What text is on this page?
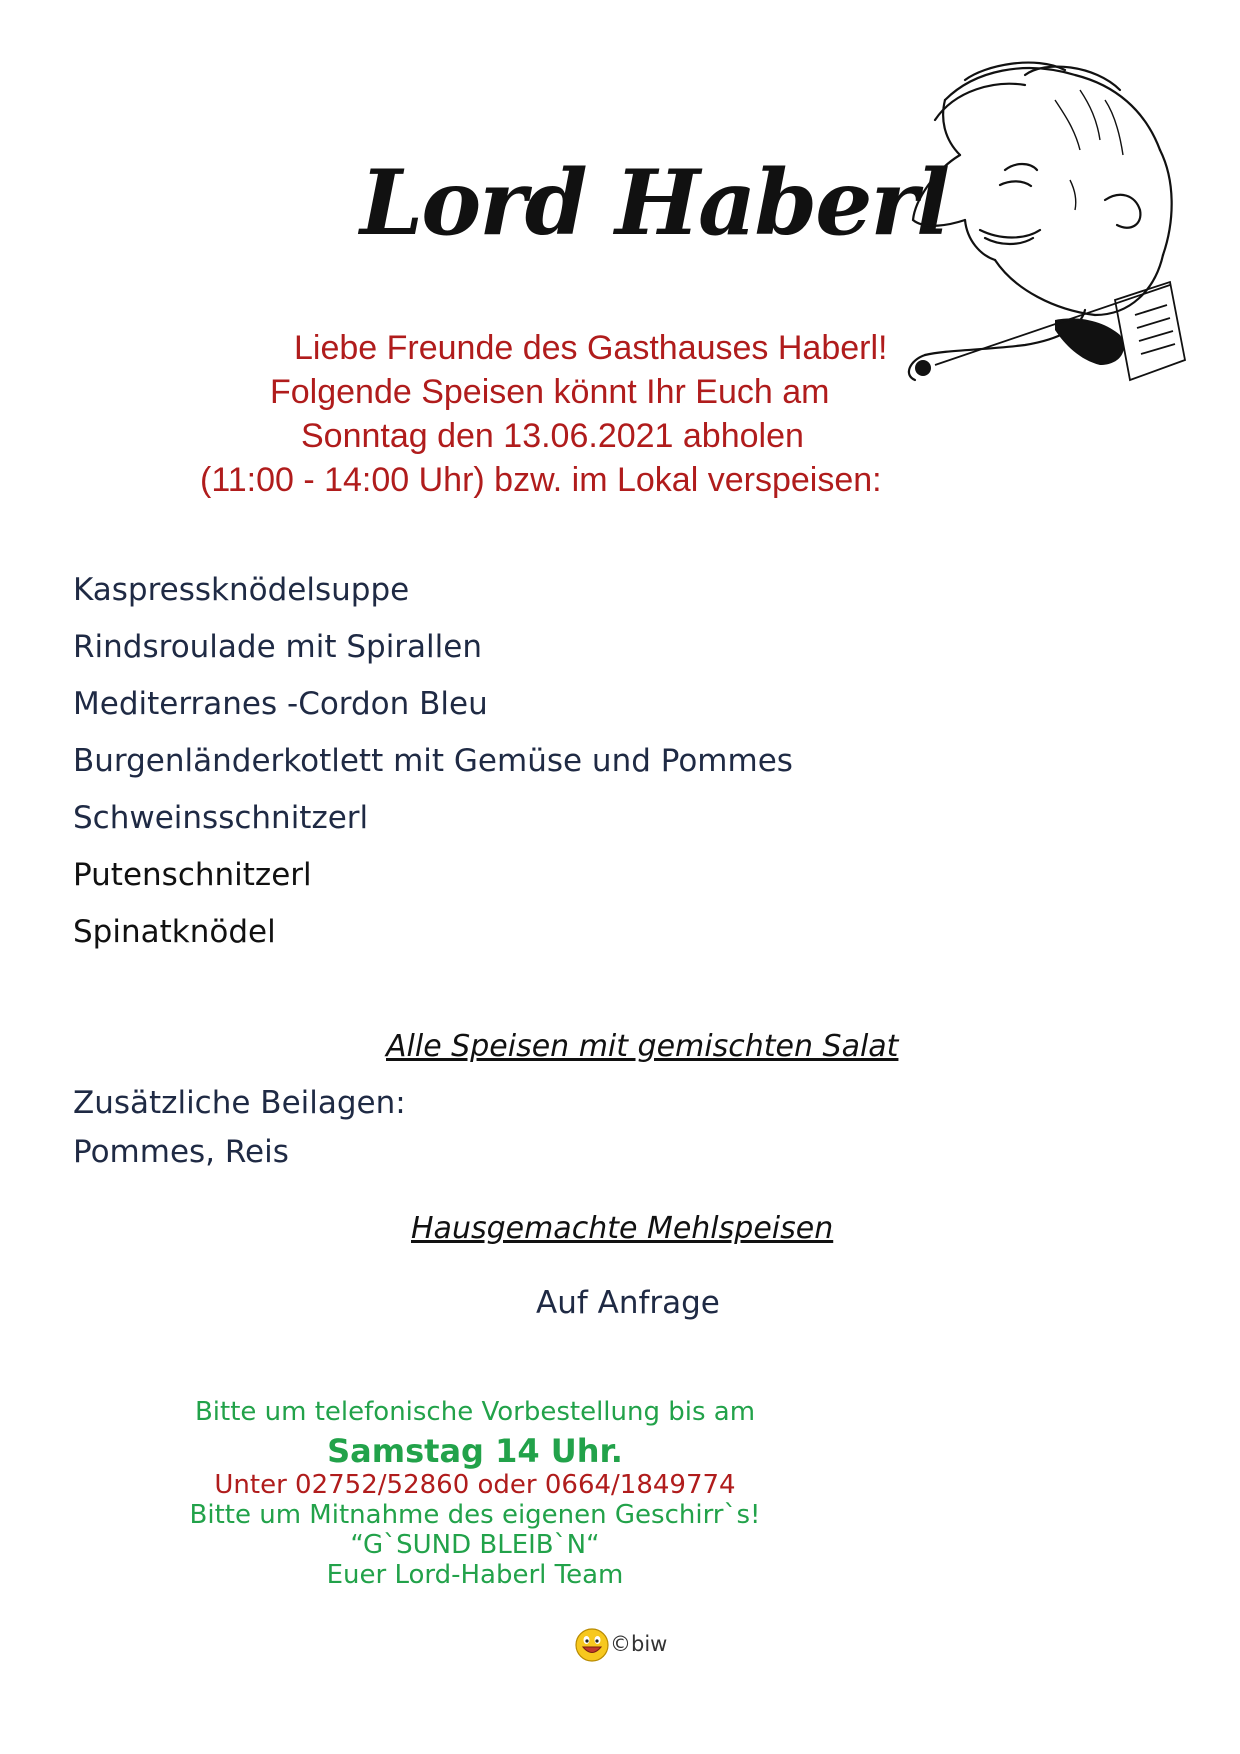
Lord Haberl
Liebe Freunde des Gasthauses Haberl!
Folgende Speisen könnt Ihr Euch am
Sonntag den 13.06.2021 abholen
(11:00 - 14:00 Uhr) bzw. im Lokal verspeisen:
Kaspressknödelsuppe
Rindsroulade mit Spirallen
Mediterranes -Cordon Bleu
Burgenländerkotlett mit Gemüse und Pommes
Schweinsschnitzerl
Putenschnitzerl
Spinatknödel
Alle Speisen mit gemischten Salat
Zusätzliche Beilagen:
Pommes, Reis
Hausgemachte Mehlspeisen
Auf Anfrage
Bitte um telefonische Vorbestellung bis am
Samstag 14 Uhr.
Unter 02752/52860 oder 0664/1849774
Bitte um Mitnahme des eigenen Geschirr`s!
“G`SUND BLEIB`N“
Euer Lord-Haberl Team
©biw
